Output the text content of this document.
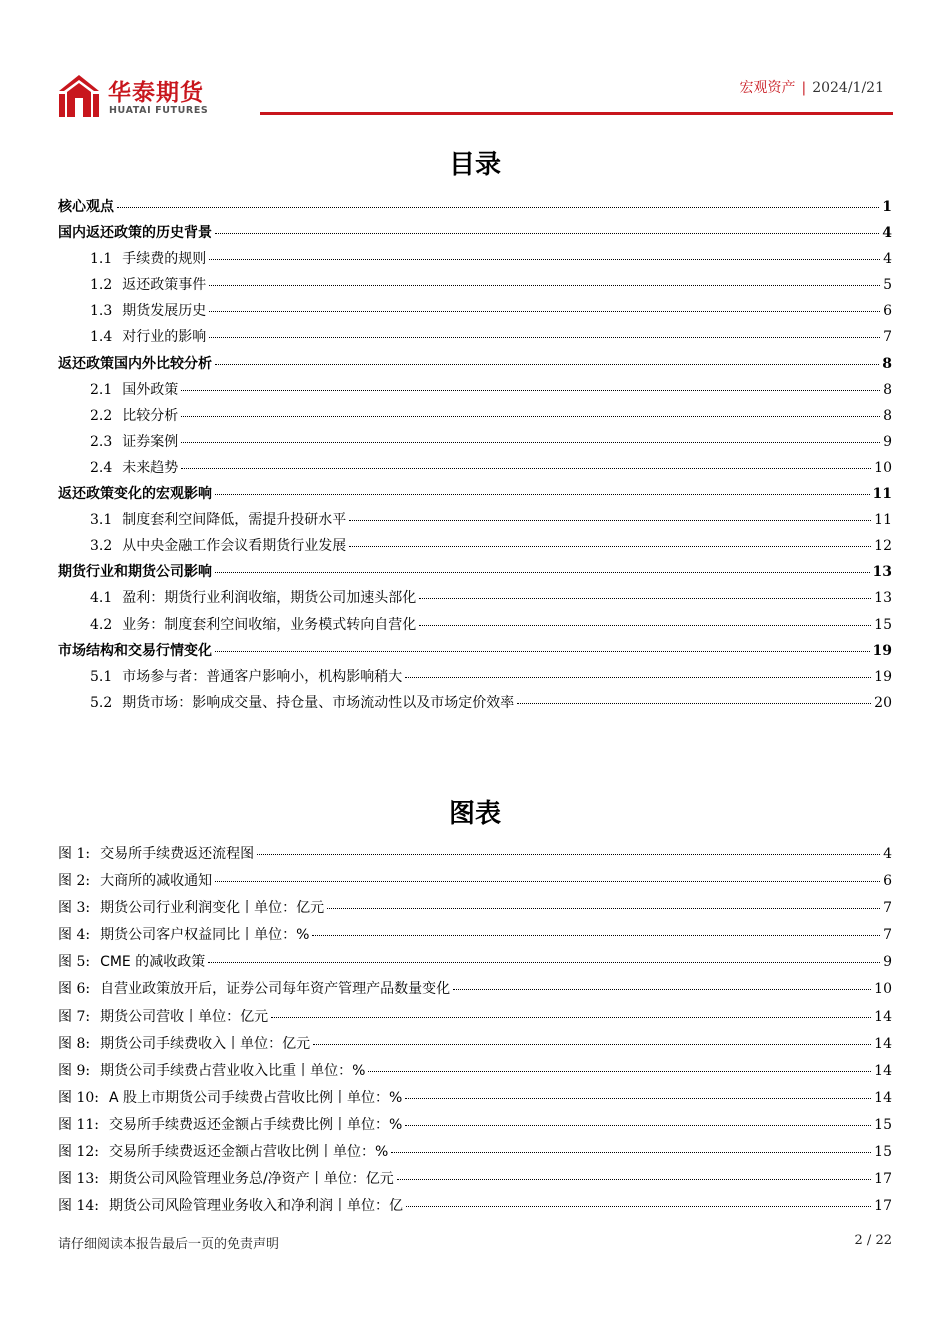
华泰期货
HUATAI FUTURES
宏观资产 | 2024/1/21
目录
核心观点	1
国内返还政策的历史背景	4
1.1 手续费的规则	4
1.2 返还政策事件	5
1.3 期货发展历史	6
1.4 对行业的影响	7
返还政策国内外比较分析	8
2.1 国外政策	8
2.2 比较分析	8
2.3 证券案例	9
2.4 未来趋势	10
返还政策变化的宏观影响	11
3.1 制度套利空间降低，需提升投研水平	11
3.2 从中央金融工作会议看期货行业发展	12
期货行业和期货公司影响	13
4.1 盈利：期货行业利润收缩，期货公司加速头部化	13
4.2 业务：制度套利空间收缩，业务模式转向自营化	15
市场结构和交易行情变化	19
5.1 市场参与者：普通客户影响小，机构影响稍大	19
5.2 期货市场：影响成交量、持仓量、市场流动性以及市场定价效率	20
图表
图 1: 交易所手续费返还流程图	4
图 2: 大商所的减收通知	6
图 3: 期货公司行业利润变化丨单位：亿元	7
图 4: 期货公司客户权益同比丨单位：%	7
图 5: CME 的减收政策	9
图 6: 自营业政策放开后，证券公司每年资产管理产品数量变化	10
图 7: 期货公司营收丨单位：亿元	14
图 8: 期货公司手续费收入丨单位：亿元	14
图 9: 期货公司手续费占营业收入比重丨单位：%	14
图 10: A 股上市期货公司手续费占营收比例丨单位：%	14
图 11: 交易所手续费返还金额占手续费比例丨单位：%	15
图 12: 交易所手续费返还金额占营收比例丨单位：%	15
图 13: 期货公司风险管理业务总/净资产丨单位：亿元	17
图 14: 期货公司风险管理业务收入和净利润丨单位：亿	17
请仔细阅读本报告最后一页的免责声明	2 / 22
